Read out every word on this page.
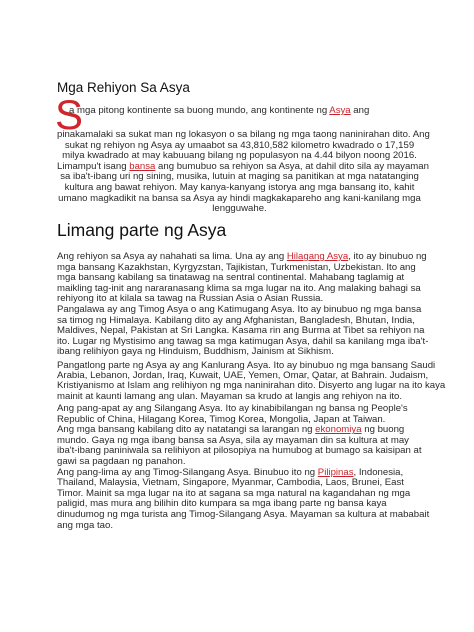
Mga Rehiyon Sa Asya
S
a mga pitong kontinente sa buong mundo, ang kontinente ng Asya ang
pinakamalaki sa sukat man ng lokasyon o sa bilang ng mga taong naninirahan dito. Ang
sukat ng rehiyon ng Asya ay umaabot sa 43,810,582 kilometro kwadrado o 17,159
milya kwadrado at may kabuuang bilang ng populasyon na 4.44 bilyon noong 2016.
Limampu't isang bansa ang bumubuo sa rehiyon sa Asya, at dahil dito sila ay mayaman
sa iba't-ibang uri ng sining, musika, lutuin at maging sa panitikan at mga natatanging
kultura ang bawat rehiyon. May kanya-kanyang istorya ang mga bansang ito, kahit
umano magkadikit na bansa sa Asya ay hindi magkakapareho ang kani-kanilang mga
lengguwahe.
Limang parte ng Asya
Ang rehiyon sa Asya ay nahahati sa lima. Una ay ang Hilagang Asya, ito ay binubuo ng
mga bansang Kazakhstan, Kyrgyzstan, Tajikistan, Turkmenistan, Uzbekistan. Ito ang
mga bansang kabilang sa tinatawag na sentral continental. Mahabang taglamig at
maikling tag-init ang nararanasang klima sa mga lugar na ito. Ang malaking bahagi sa
rehiyong ito at kilala sa tawag na Russian Asia o Asian Russia.
Pangalawa ay ang Timog Asya o ang Katimugang Asya. Ito ay binubuo ng mga bansa
sa timog ng Himalaya. Kabilang dito ay ang Afghanistan, Bangladesh, Bhutan, India,
Maldives, Nepal, Pakistan at Sri Langka. Kasama rin ang Burma at Tibet sa rehiyon na
ito. Lugar ng Mystisimo ang tawag sa mga katimugan Asya, dahil sa kanilang mga iba't-
ibang relihiyon gaya ng Hinduism, Buddhism, Jainism at Sikhism.
Pangatlong parte ng Asya ay ang Kanlurang Asya. Ito ay binubuo ng mga bansang Saudi
Arabia, Lebanon, Jordan, Iraq, Kuwait, UAE, Yemen, Omar, Qatar, at Bahrain. Judaism,
Kristiyanismo at Islam ang relihiyon ng mga naninirahan dito. Disyerto ang lugar na ito kaya
mainit at kaunti lamang ang ulan. Mayaman sa krudo at langis ang rehiyon na ito.
Ang pang-apat ay ang Silangang Asya. Ito ay kinabibilangan ng bansa ng People's
Republic of China, Hilagang Korea, Timog Korea, Mongolia, Japan at Taiwan.
Ang mga bansang kabilang dito ay natatangi sa larangan ng ekonomiya ng buong
mundo. Gaya ng mga ibang bansa sa Asya, sila ay mayaman din sa kultura at may
iba't-ibang paniniwala sa relihiyon at pilosopiya na humubog at bumago sa kaisipan at
gawi sa pagdaan ng panahon.
Ang pang-lima ay ang Timog-Silangang Asya. Binubuo ito ng Pilipinas, Indonesia,
Thailand, Malaysia, Vietnam, Singapore, Myanmar, Cambodia, Laos, Brunei, East
Timor. Mainit sa mga lugar na ito at sagana sa mga natural na kagandahan ng mga
paligid, mas mura ang bilihin dito kumpara sa mga ibang parte ng bansa kaya
dinudumog ng mga turista ang Timog-Silangang Asya. Mayaman sa kultura at mababait
ang mga tao.
